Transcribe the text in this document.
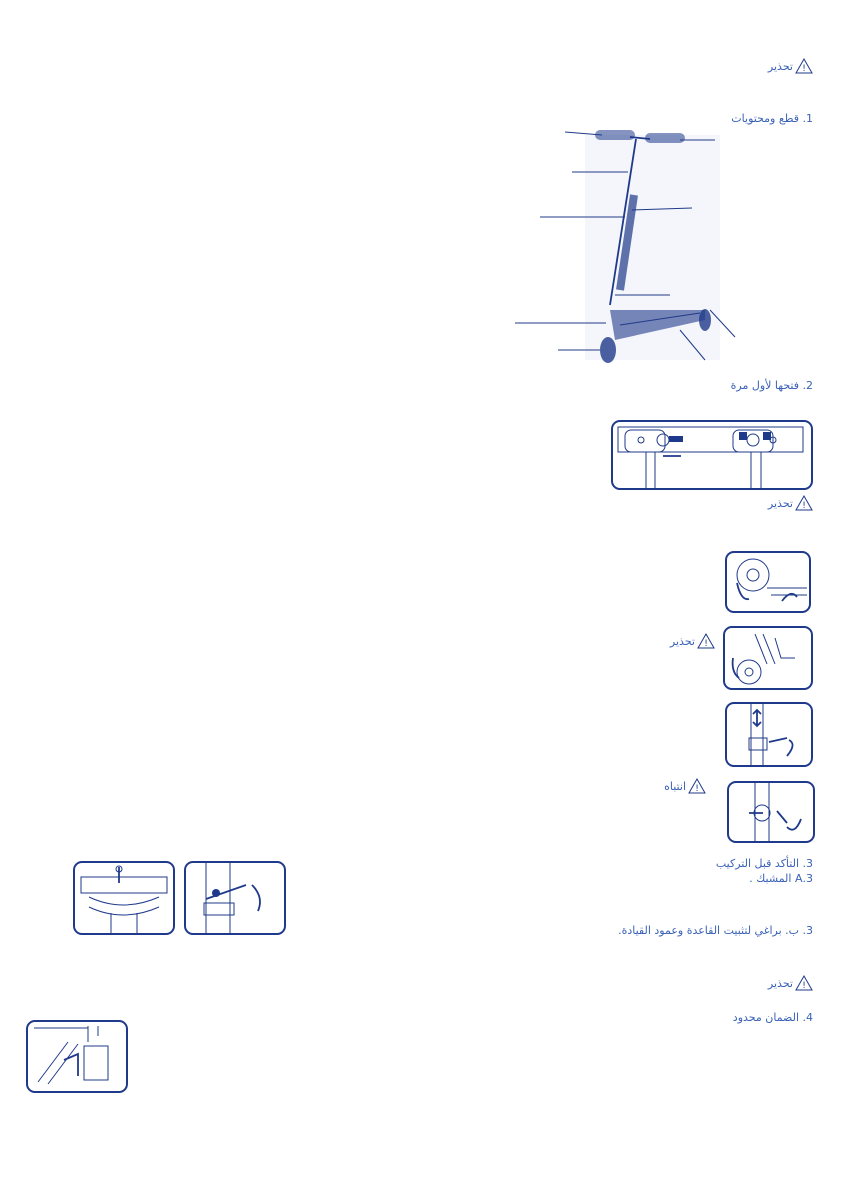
!
تحذير
1. قطع ومحتويات
2. فتحها لأول مرة
!
تحذير
!
تحذير
!
انتباه
3. التأكد قبل التركيب
3.A المشبك .
3. ب. براغي لتثبيت القاعدة وعمود القيادة.
!
تحذير
4. الضمان محدود
